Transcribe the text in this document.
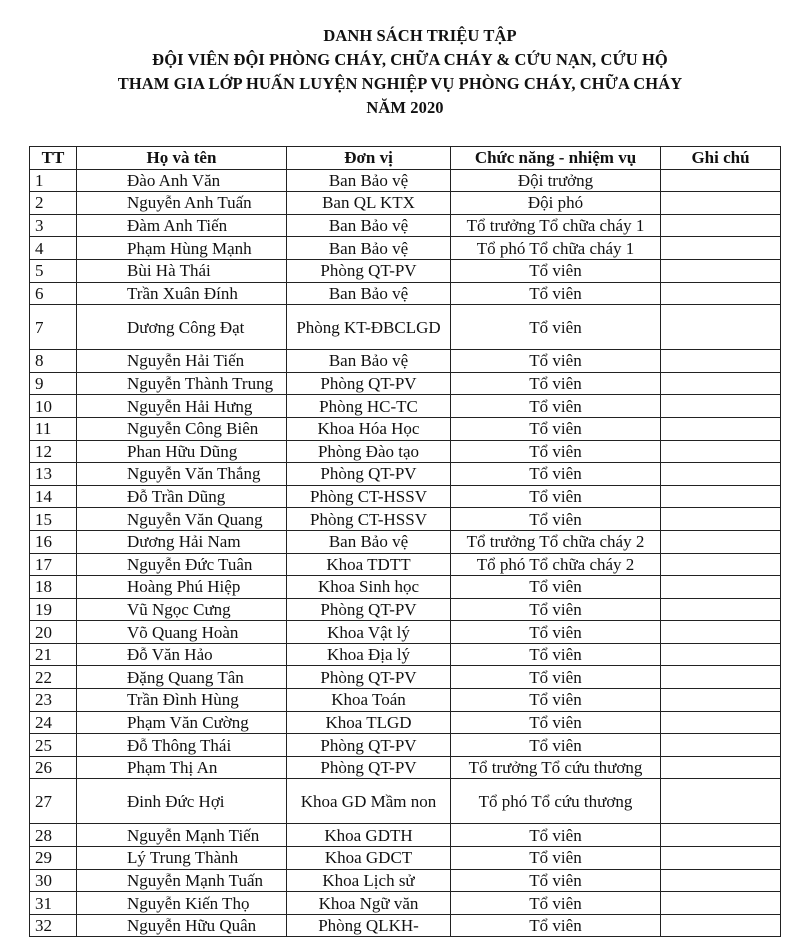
DANH SÁCH TRIỆU TẬP
ĐỘI VIÊN ĐỘI PHÒNG CHÁY, CHỮA CHÁY & CỨU NẠN, CỨU HỘ
THAM GIA LỚP HUẤN LUYỆN NGHIỆP VỤ PHÒNG CHÁY, CHỮA CHÁY
NĂM 2020
TT	Họ và tên	Đơn vị	Chức năng - nhiệm vụ	Ghi chú
1	Đào Anh Văn	Ban Bảo vệ	Đội trưởng	
2	Nguyễn Anh Tuấn	Ban QL KTX	Đội phó	
3	Đàm Anh Tiến	Ban Bảo vệ	Tổ trưởng Tổ chữa cháy 1	
4	Phạm Hùng Mạnh	Ban Bảo vệ	Tổ phó Tổ chữa cháy 1	
5	Bùi Hà Thái	Phòng QT-PV	Tổ viên	
6	Trần Xuân Đính	Ban Bảo vệ	Tổ viên	
7	Dương Công Đạt	Phòng KT-ĐBCLGD	Tổ viên	
8	Nguyễn Hải Tiến	Ban Bảo vệ	Tổ viên	
9	Nguyễn Thành Trung	Phòng QT-PV	Tổ viên	
10	Nguyễn Hải Hưng	Phòng HC-TC	Tổ viên	
11	Nguyễn Công Biên	Khoa Hóa Học	Tổ viên	
12	Phan Hữu Dũng	Phòng Đào tạo	Tổ viên	
13	Nguyễn Văn Thắng	Phòng QT-PV	Tổ viên	
14	Đỗ Trần Dũng	Phòng CT-HSSV	Tổ viên	
15	Nguyễn Văn Quang	Phòng CT-HSSV	Tổ viên	
16	Dương Hải Nam	Ban Bảo vệ	Tổ trưởng Tổ chữa cháy 2	
17	Nguyễn Đức Tuân	Khoa TDTT	Tổ phó Tổ chữa cháy 2	
18	Hoàng Phú Hiệp	Khoa Sinh học	Tổ viên	
19	Vũ Ngọc Cưng	Phòng QT-PV	Tổ viên	
20	Võ Quang Hoàn	Khoa Vật lý	Tổ viên	
21	Đỗ Văn Hảo	Khoa Địa lý	Tổ viên	
22	Đặng Quang Tân	Phòng QT-PV	Tổ viên	
23	Trần Đình Hùng	Khoa Toán	Tổ viên	
24	Phạm Văn Cường	Khoa TLGD	Tổ viên	
25	Đỗ Thông Thái	Phòng QT-PV	Tổ viên	
26	Phạm Thị An	Phòng QT-PV	Tổ trưởng Tổ cứu thương	
27	Đinh Đức Hợi	Khoa GD Mầm non	Tổ phó Tổ cứu thương	
28	Nguyễn Mạnh Tiến	Khoa GDTH	Tổ viên	
29	Lý Trung Thành	Khoa GDCT	Tổ viên	
30	Nguyễn Mạnh Tuấn	Khoa Lịch sử	Tổ viên	
31	Nguyễn Kiến Thọ	Khoa Ngữ văn	Tổ viên	
32	Nguyễn Hữu Quân	Phòng QLKH-	Tổ viên	
